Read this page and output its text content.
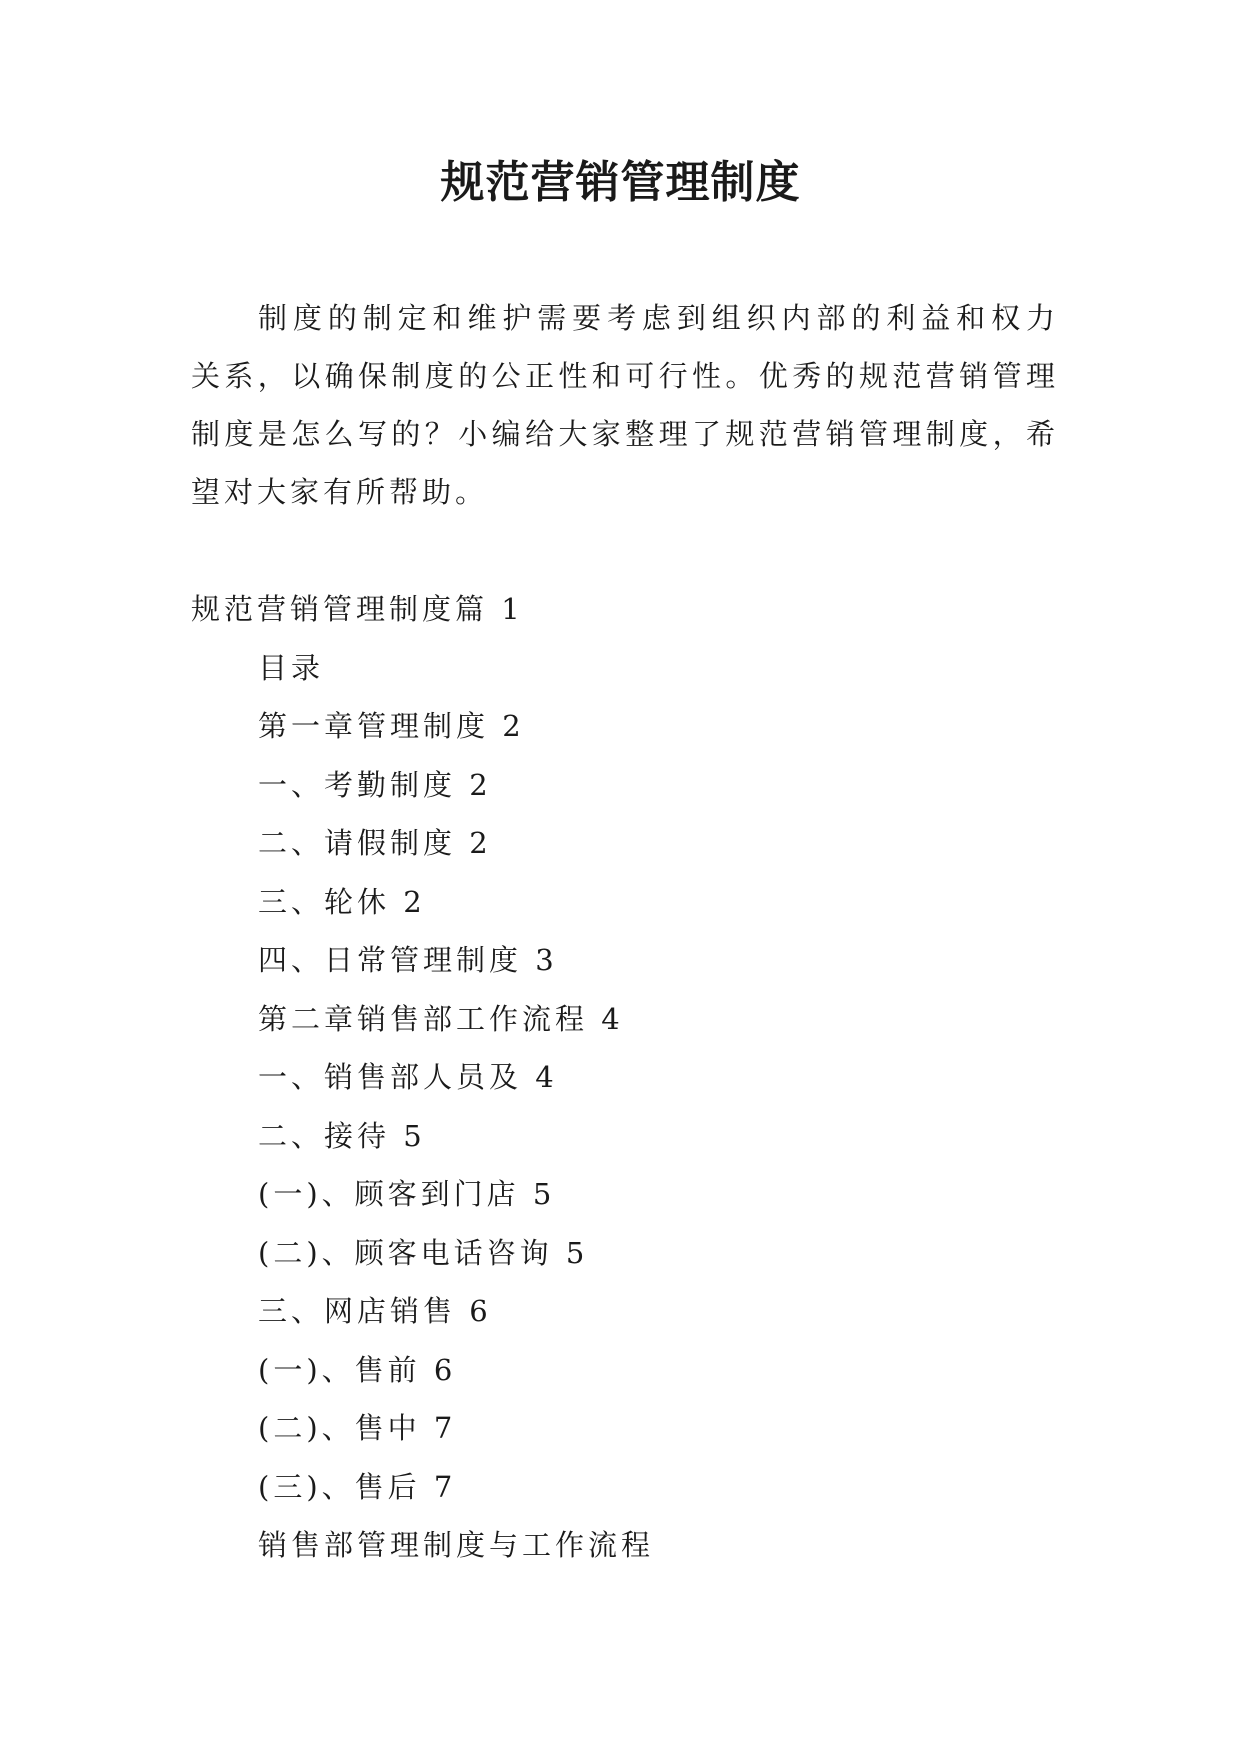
规范营销管理制度
制度的制定和维护需要考虑到组织内部的利益和权力
关系，以确保制度的公正性和可行性。优秀的规范营销管理
制度是怎么写的？小编给大家整理了规范营销管理制度，希
望对大家有所帮助。
规范营销管理制度篇 1
目录
第一章管理制度 2
一、考勤制度 2
二、请假制度 2
三、轮休 2
四、日常管理制度 3
第二章销售部工作流程 4
一、销售部人员及 4
二、接待 5
(一)、顾客到门店 5
(二)、顾客电话咨询 5
三、网店销售 6
(一)、售前 6
(二)、售中 7
(三)、售后 7
销售部管理制度与工作流程
